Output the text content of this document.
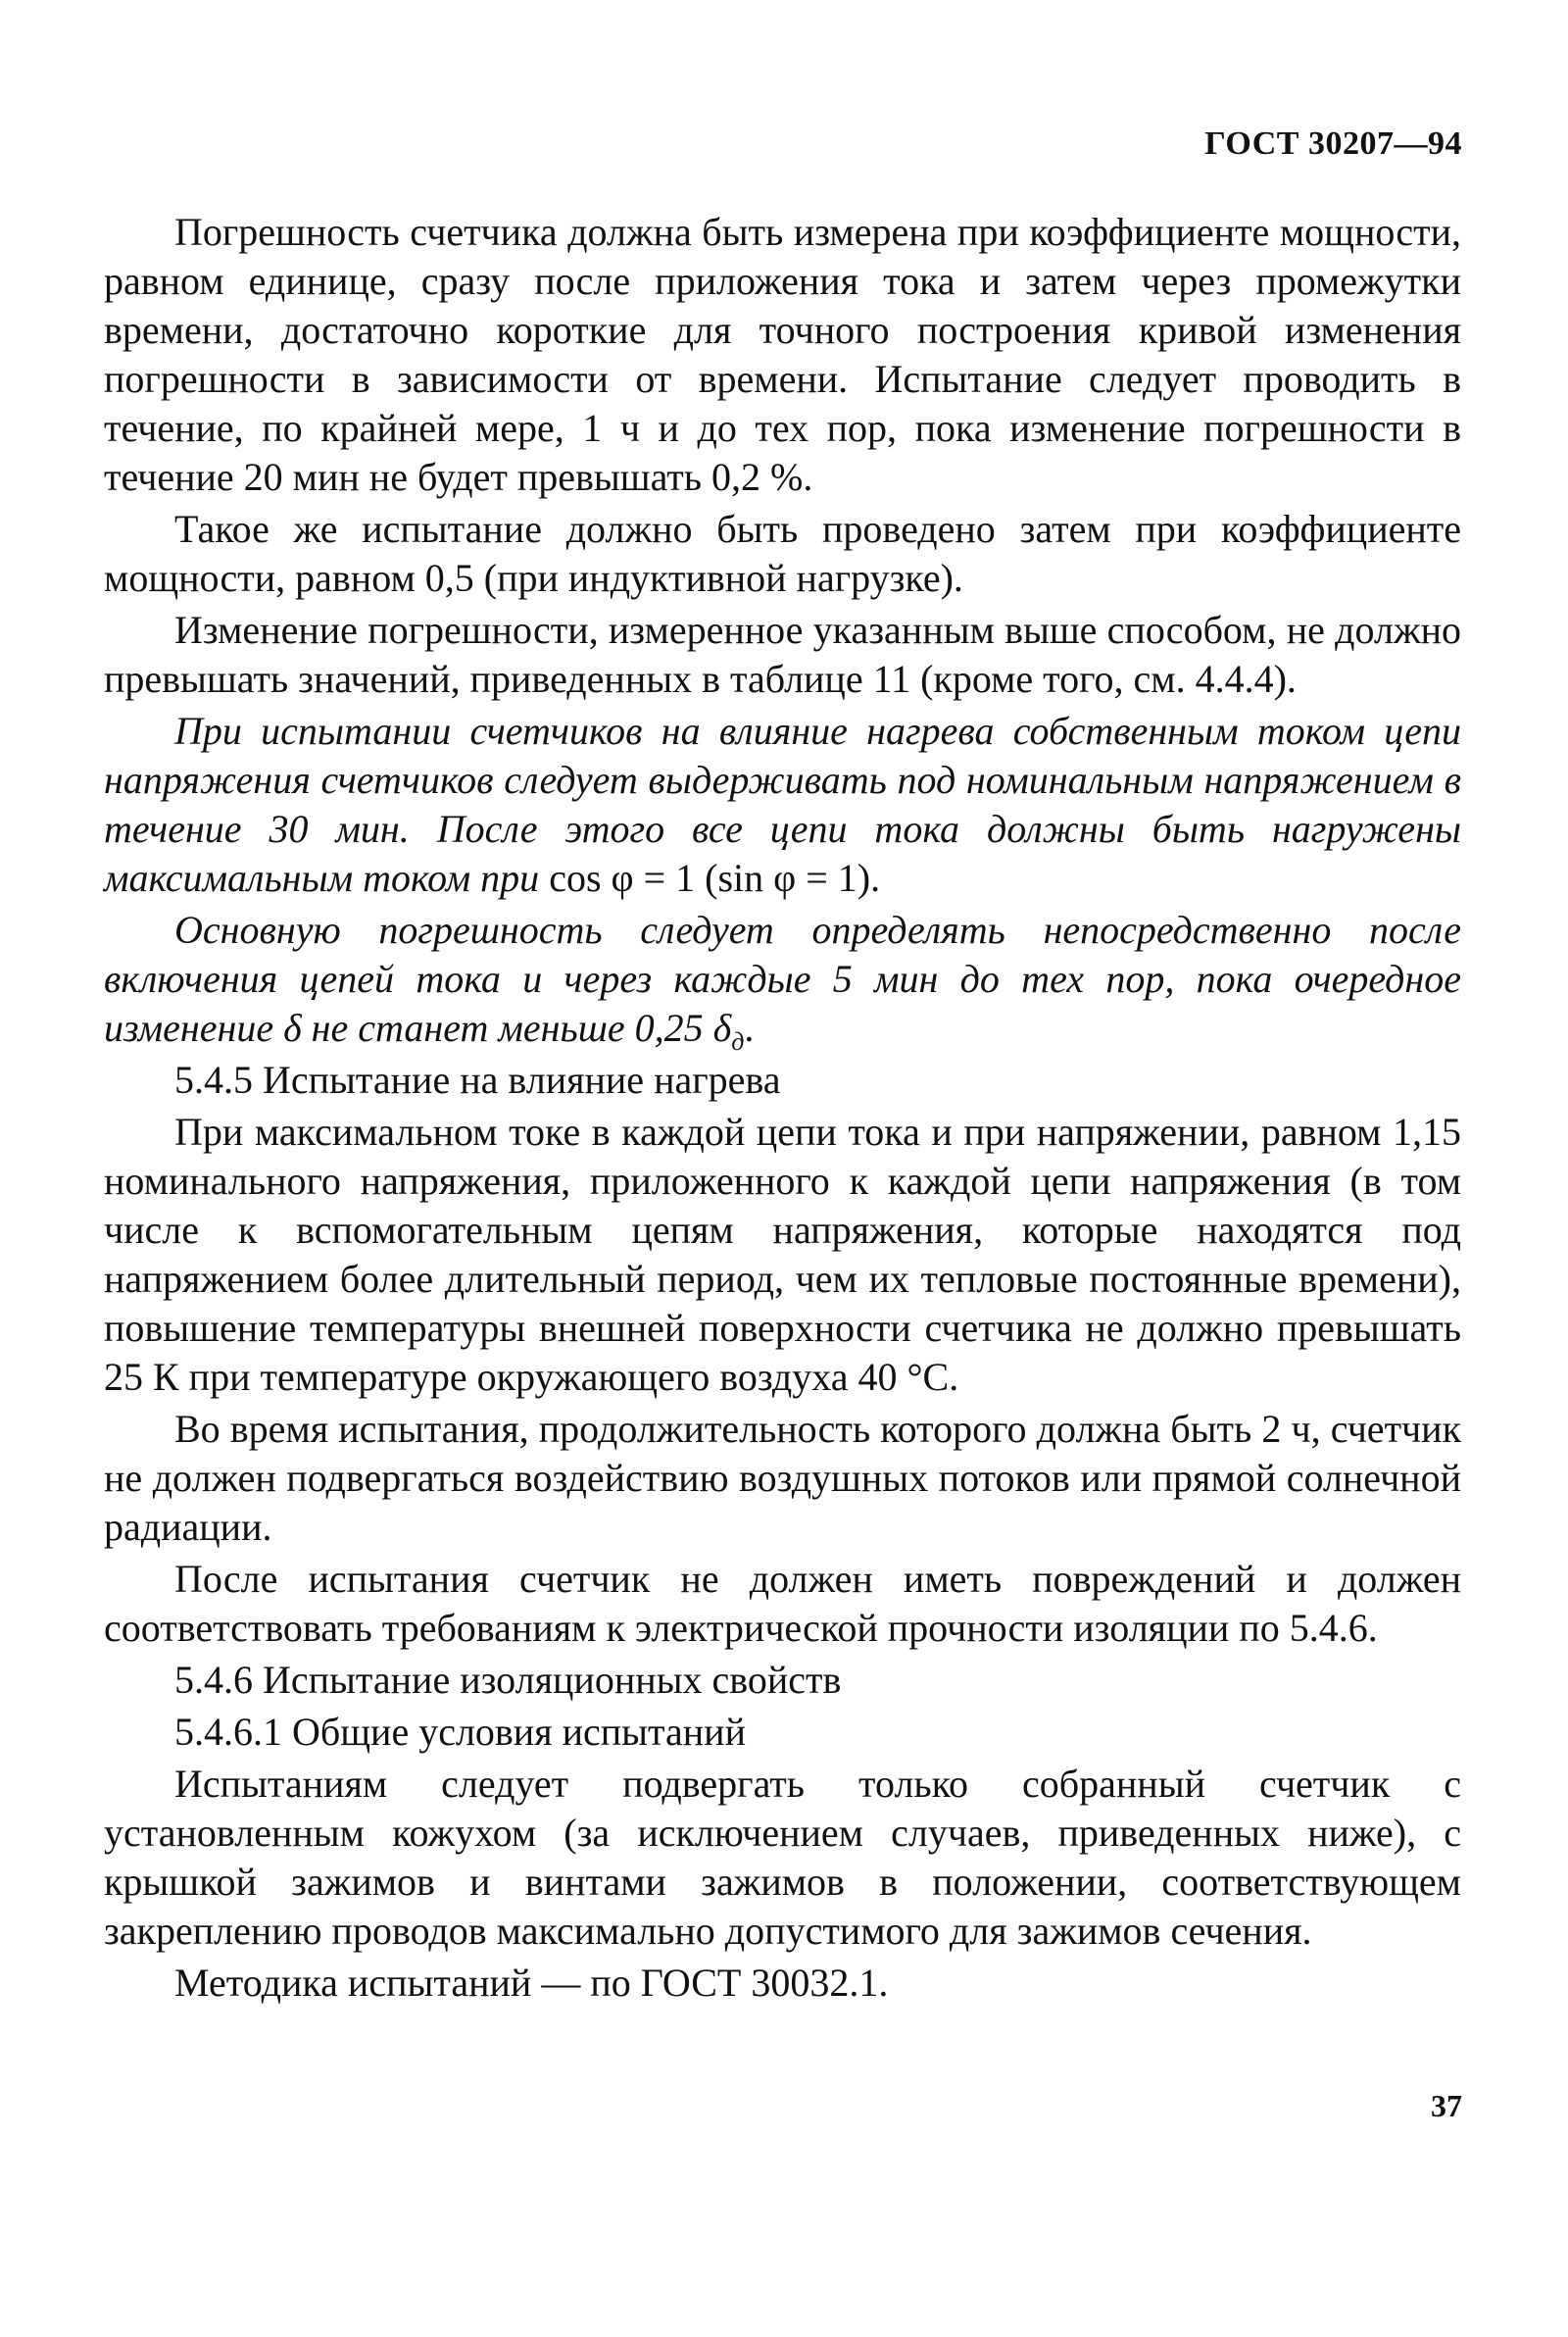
ГОСТ 30207—94

Погрешность счетчика должна быть измерена при коэффициенте мощности, равном единице, сразу после приложения тока и затем через промежутки времени, достаточно короткие для точного построения кривой изменения погрешности в зависимости от времени. Испытание следует проводить в течение, по крайней мере, 1 ч и до тех пор, пока изменение погрешности в течение 20 мин не будет превышать 0,2 %.

Такое же испытание должно быть проведено затем при коэффициенте мощности, равном 0,5 (при индуктивной нагрузке).

Изменение погрешности, измеренное указанным выше способом, не должно превышать значений, приведенных в таблице 11 (кроме того, см. 4.4.4).

При испытании счетчиков на влияние нагрева собственным током цепи напряжения счетчиков следует выдерживать под номинальным напряжением в течение 30 мин. После этого все цепи тока должны быть нагружены максимальным током при cos φ = 1 (sin φ = 1).

Основную погрешность следует определять непосредственно после включения цепей тока и через каждые 5 мин до тех пор, пока очередное изменение δ не станет меньше 0,25 $\delta_д$.

5.4.5 Испытание на влияние нагрева

При максимальном токе в каждой цепи тока и при напряжении, равном 1,15 номинального напряжения, приложенного к каждой цепи напряжения (в том числе к вспомогательным цепям напряжения, которые находятся под напряжением более длительный период, чем их тепловые постоянные времени), повышение температуры внешней поверхности счетчика не должно превышать 25 К при температуре окружающего воздуха 40 °С.

Во время испытания, продолжительность которого должна быть 2 ч, счетчик не должен подвергаться воздействию воздушных потоков или прямой солнечной радиации.

После испытания счетчик не должен иметь повреждений и должен соответствовать требованиям к электрической прочности изоляции по 5.4.6.

5.4.6 Испытание изоляционных свойств

5.4.6.1 Общие условия испытаний

Испытаниям следует подвергать только собранный счетчик с установленным кожухом (за исключением случаев, приведенных ниже), с крышкой зажимов и винтами зажимов в положении, соответствующем закреплению проводов максимально допустимого для зажимов сечения.

Методика испытаний — по ГОСТ 30032.1.

37
